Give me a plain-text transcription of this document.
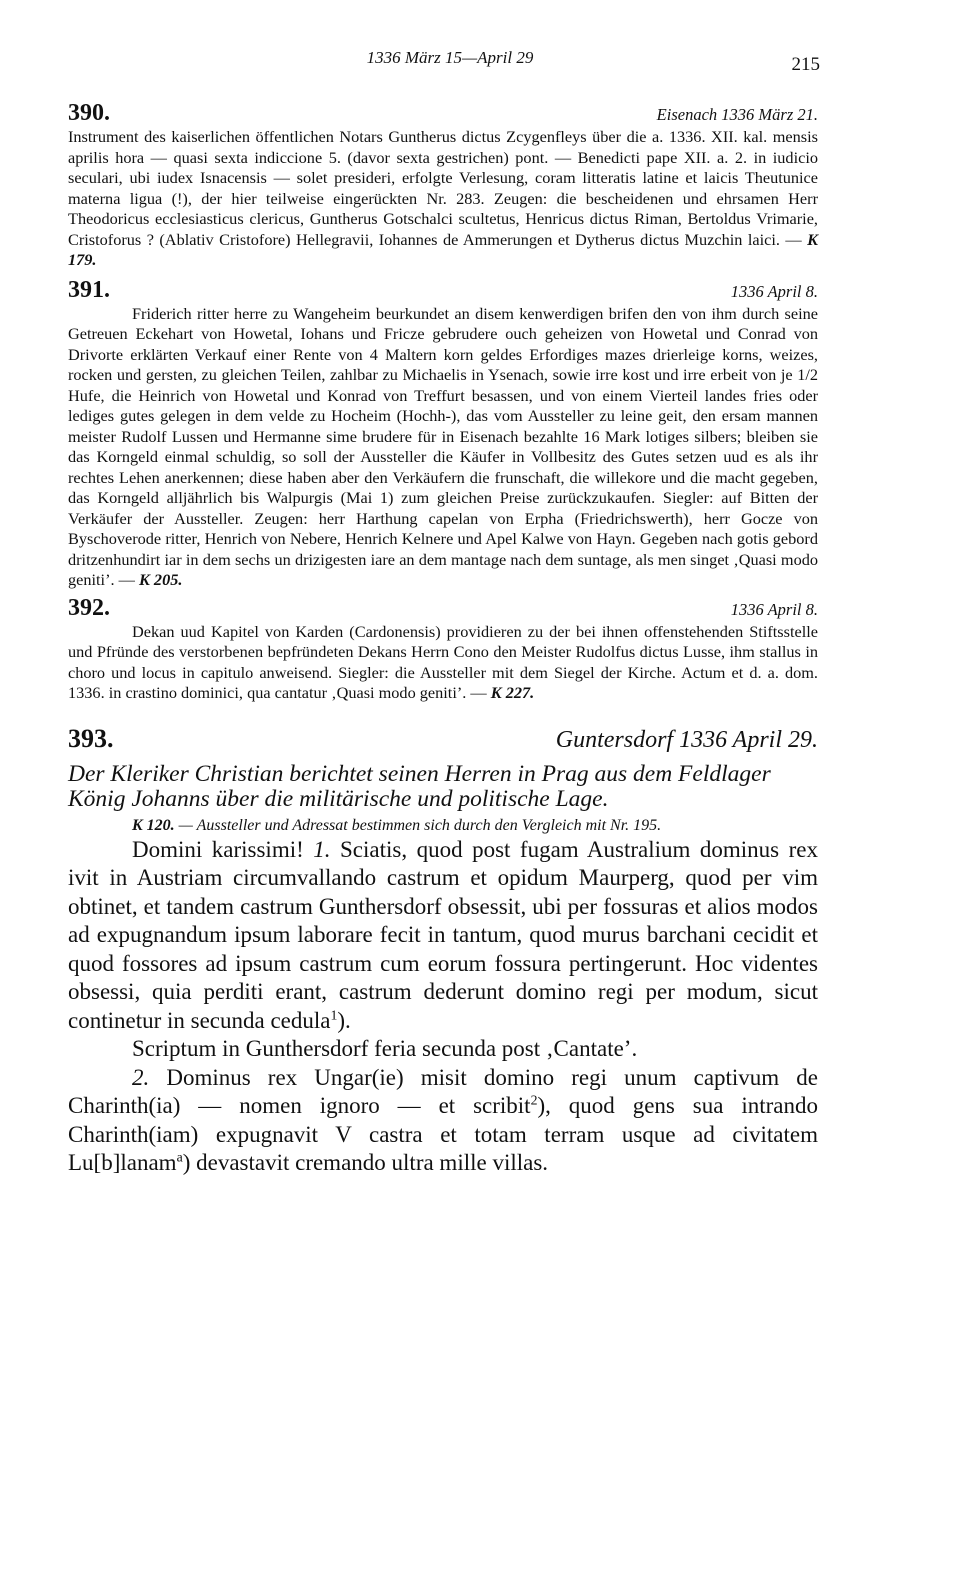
1336 März 15—April 29	215
390.	Eisenach 1336 März 21.

Instrument des kaiserlichen öffentlichen Notars Guntherus dictus Zcygenfleys über die a. 1336. XII. kal. mensis aprilis hora — quasi sexta indiccione 5. (davor sexta gestrichen) pont. — Benedicti pape XII. a. 2. in iudicio seculari, ubi iudex Isnacensis — solet presideri, erfolgte Verlesung, coram litteratis latine et laicis Theutunice materna ligua (!), der hier teilweise eingerückten Nr. 283. Zeugen: die bescheidenen und ehrsamen Herr Theodoricus ecclesiasticus clericus, Guntherus Gotschalci scultetus, Henricus dictus Riman, Bertoldus Vrimarie, Cristoforus ? (Ablativ Cristofore) Hellegravii, Iohannes de Ammerungen et Dytherus dictus Muzchin laici. — K 179.

391.	1336 April 8.

Friderich ritter herre zu Wangeheim beurkundet an disem kenwerdigen brifen den von ihm durch seine Getreuen Eckehart von Howetal, Iohans und Fricze gebrudere ouch geheizen von Howetal und Conrad von Drivorte erklärten Verkauf einer Rente von 4 Maltern korn geldes Erfordiges mazes drierleige korns, weizes, rocken und gersten, zu gleichen Teilen, zahlbar zu Michaelis in Ysenach, sowie irre kost und irre erbeit von je 1/2 Hufe, die Heinrich von Howetal und Konrad von Treffurt besassen, und von einem Vierteil landes fries oder lediges gutes gelegen in dem velde zu Hocheim (Hochh-), das vom Aussteller zu leine geit, den ersam mannen meister Rudolf Lussen und Hermanne sime brudere für in Eisenach bezahlte 16 Mark lotiges silbers; bleiben sie das Korngeld einmal schuldig, so soll der Aussteller die Käufer in Vollbesitz des Gutes setzen uud es als ihr rechtes Lehen anerkennen; diese haben aber den Verkäufern die frunschaft, die willekore und die macht gegeben, das Korngeld alljährlich bis Walpurgis (Mai 1) zum gleichen Preise zurückzukaufen. Siegler: auf Bitten der Verkäufer der Aussteller. Zeugen: herr Harthung capelan von Erpha (Friedrichswerth), herr Gocze von Byschoverode ritter, Henrich von Nebere, Henrich Kelnere und Apel Kalwe von Hayn. Gegeben nach gotis gebord dritzenhundirt iar in dem sechs un drizigesten iare an dem mantage nach dem suntage, als men singet ‚Quasi modo geniti’. — K 205.

392.	1336 April 8.

Dekan uud Kapitel von Karden (Cardonensis) providieren zu der bei ihnen offenstehenden Stiftsstelle und Pfründe des verstorbenen bepfründeten Dekans Herrn Cono den Meister Rudolfus dictus Lusse, ihm stallus in choro und locus in capitulo anweisend. Siegler: die Aussteller mit dem Siegel der Kirche. Actum et d. a. dom. 1336. in crastino dominici, qua cantatur ‚Quasi modo geniti’. — K 227.

393.	Guntersdorf 1336 April 29.

Der Kleriker Christian berichtet seinen Herren in Prag aus dem Feldlager König Johanns über die militärische und politische Lage.

K 120. — Aussteller und Adressat bestimmen sich durch den Vergleich mit Nr. 195.

Domini karissimi! 1. Sciatis, quod post fugam Australium dominus rex ivit in Austriam circumvallando castrum et opidum Maurperg, quod per vim obtinet, et tandem castrum Gunthersdorf obsessit, ubi per fossuras et alios modos ad expugnandum ipsum laborare fecit in tantum, quod murus barchani cecidit et quod fossores ad ipsum castrum cum eorum fossura pertingerunt. Hoc videntes obsessi, quia perditi erant, castrum dederunt domino regi per modum, sicut continetur in secunda cedula$^1$).

Scriptum in Gunthersdorf feria secunda post ‚Cantate’.

2. Dominus rex Ungar(ie) misit domino regi unum captivum de Charinth(ia) — nomen ignoro — et scribit$^2$), quod gens sua intrando Charinth(iam) expugnavit V castra et totam terram usque ad civitatem Lu[b]lanam$^a$) devastavit cremando ultra mille villas.
